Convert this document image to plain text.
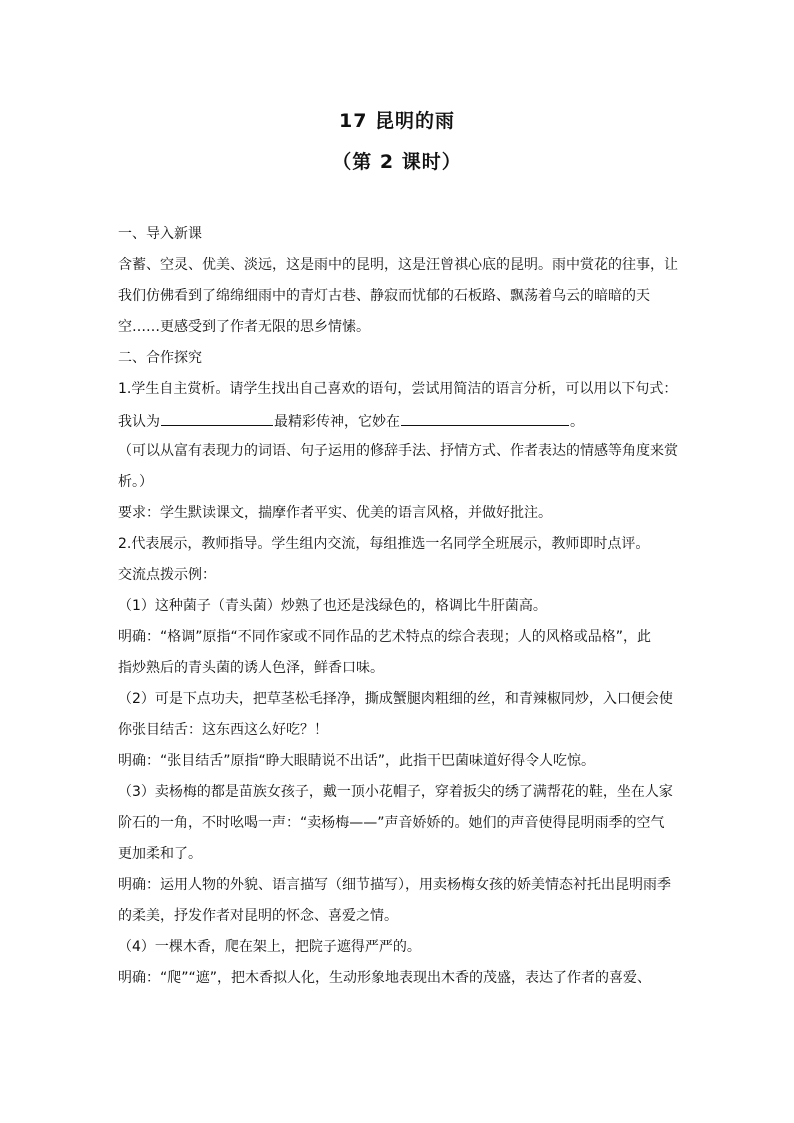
17 昆明的雨
（第 2 课时）
一、导入新课
含蓄、空灵、优美、淡远，这是雨中的昆明，这是汪曾祺心底的昆明。雨中赏花的往事，让
我们仿佛看到了绵绵细雨中的青灯古巷、静寂而忧郁的石板路、飘荡着乌云的暗暗的天
空……更感受到了作者无限的思乡情愫。
二、合作探究
1.学生自主赏析。请学生找出自己喜欢的语句，尝试用简洁的语言分析，可以用以下句式：
我认为	最精彩传神，它妙在	。
（可以从富有表现力的词语、句子运用的修辞手法、抒情方式、作者表达的情感等角度来赏
析。）
要求：学生默读课文，揣摩作者平实、优美的语言风格，并做好批注。
2.代表展示，教师指导。学生组内交流，每组推选一名同学全班展示，教师即时点评。
交流点拨示例：
（1）这种菌子（青头菌）炒熟了也还是浅绿色的，格调比牛肝菌高。
明确：“格调”原指“不同作家或不同作品的艺术特点的综合表现；人的风格或品格”，此
指炒熟后的青头菌的诱人色泽，鲜香口味。
（2）可是下点功夫，把草茎松毛择净，撕成蟹腿肉粗细的丝，和青辣椒同炒，入口便会使
你张目结舌：这东西这么好吃？！
明确：“张目结舌”原指“睁大眼睛说不出话”，此指干巴菌味道好得令人吃惊。
（3）卖杨梅的都是苗族女孩子，戴一顶小花帽子，穿着扳尖的绣了满帮花的鞋，坐在人家
阶石的一角，不时吆喝一声：“卖杨梅——”声音娇娇的。她们的声音使得昆明雨季的空气
更加柔和了。
明确：运用人物的外貌、语言描写（细节描写），用卖杨梅女孩的娇美情态衬托出昆明雨季
的柔美，抒发作者对昆明的怀念、喜爱之情。
（4）一棵木香，爬在架上，把院子遮得严严的。
明确：“爬”“遮”，把木香拟人化，生动形象地表现出木香的茂盛，表达了作者的喜爱、
